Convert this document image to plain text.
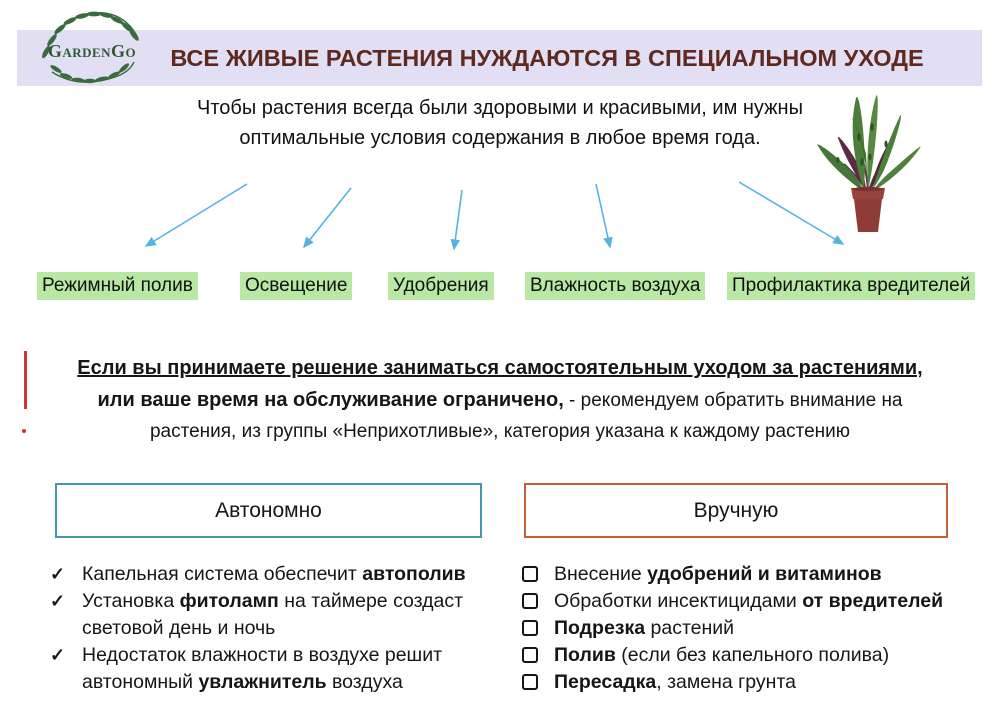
ВСЕ ЖИВЫЕ РАСТЕНИЯ НУЖДАЮТСЯ В СПЕЦИАЛЬНОМ УХОДЕ
GardenGo
Чтобы растения всегда были здоровыми и красивыми, им нужны
оптимальные условия содержания в любое время года.
Режимный полив	Освещение Удобрения Влажность воздуха Профилактика вредителей
Если вы принимаете решение заниматься самостоятельным уходом за растениями,
или ваше время на обслуживание ограничено, - рекомендуем обратить внимание на
растения, из группы «Неприхотливые», категория указана к каждому растению
Автономно	Вручную
✓ Капельная система обеспечит автополив
✓ Установка фитоламп на таймере создаст световой день и ночь
✓ Недостаток влажности в воздухе решит автономный увлажнитель воздуха
Внесение удобрений и витаминов
Обработки инсектицидами от вредителей
Подрезка растений
Полив (если без капельного полива)
Пересадка, замена грунта
